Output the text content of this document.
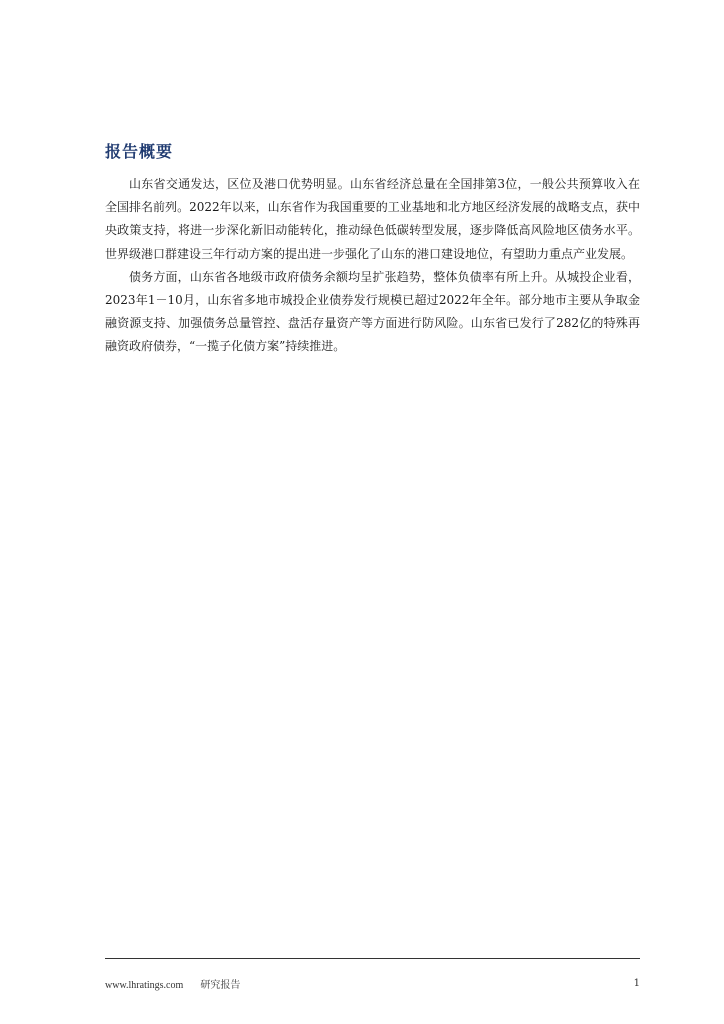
报告概要

山东省交通发达，区位及港口优势明显。山东省经济总量在全国排第3位，一般公共预算收入在全国排名前列。2022年以来，山东省作为我国重要的工业基地和北方地区经济发展的战略支点，获中央政策支持，将进一步深化新旧动能转化，推动绿色低碳转型发展，逐步降低高风险地区债务水平。世界级港口群建设三年行动方案的提出进一步强化了山东的港口建设地位，有望助力重点产业发展。

债务方面，山东省各地级市政府债务余额均呈扩张趋势，整体负债率有所上升。从城投企业看，2023年1－10月，山东省多地市城投企业债券发行规模已超过2022年全年。部分地市主要从争取金融资源支持、加强债务总量管控、盘活存量资产等方面进行防风险。山东省已发行了282亿的特殊再融资政府债券，“一揽子化债方案”持续推进。

www.lhratings.com 研究报告	1
